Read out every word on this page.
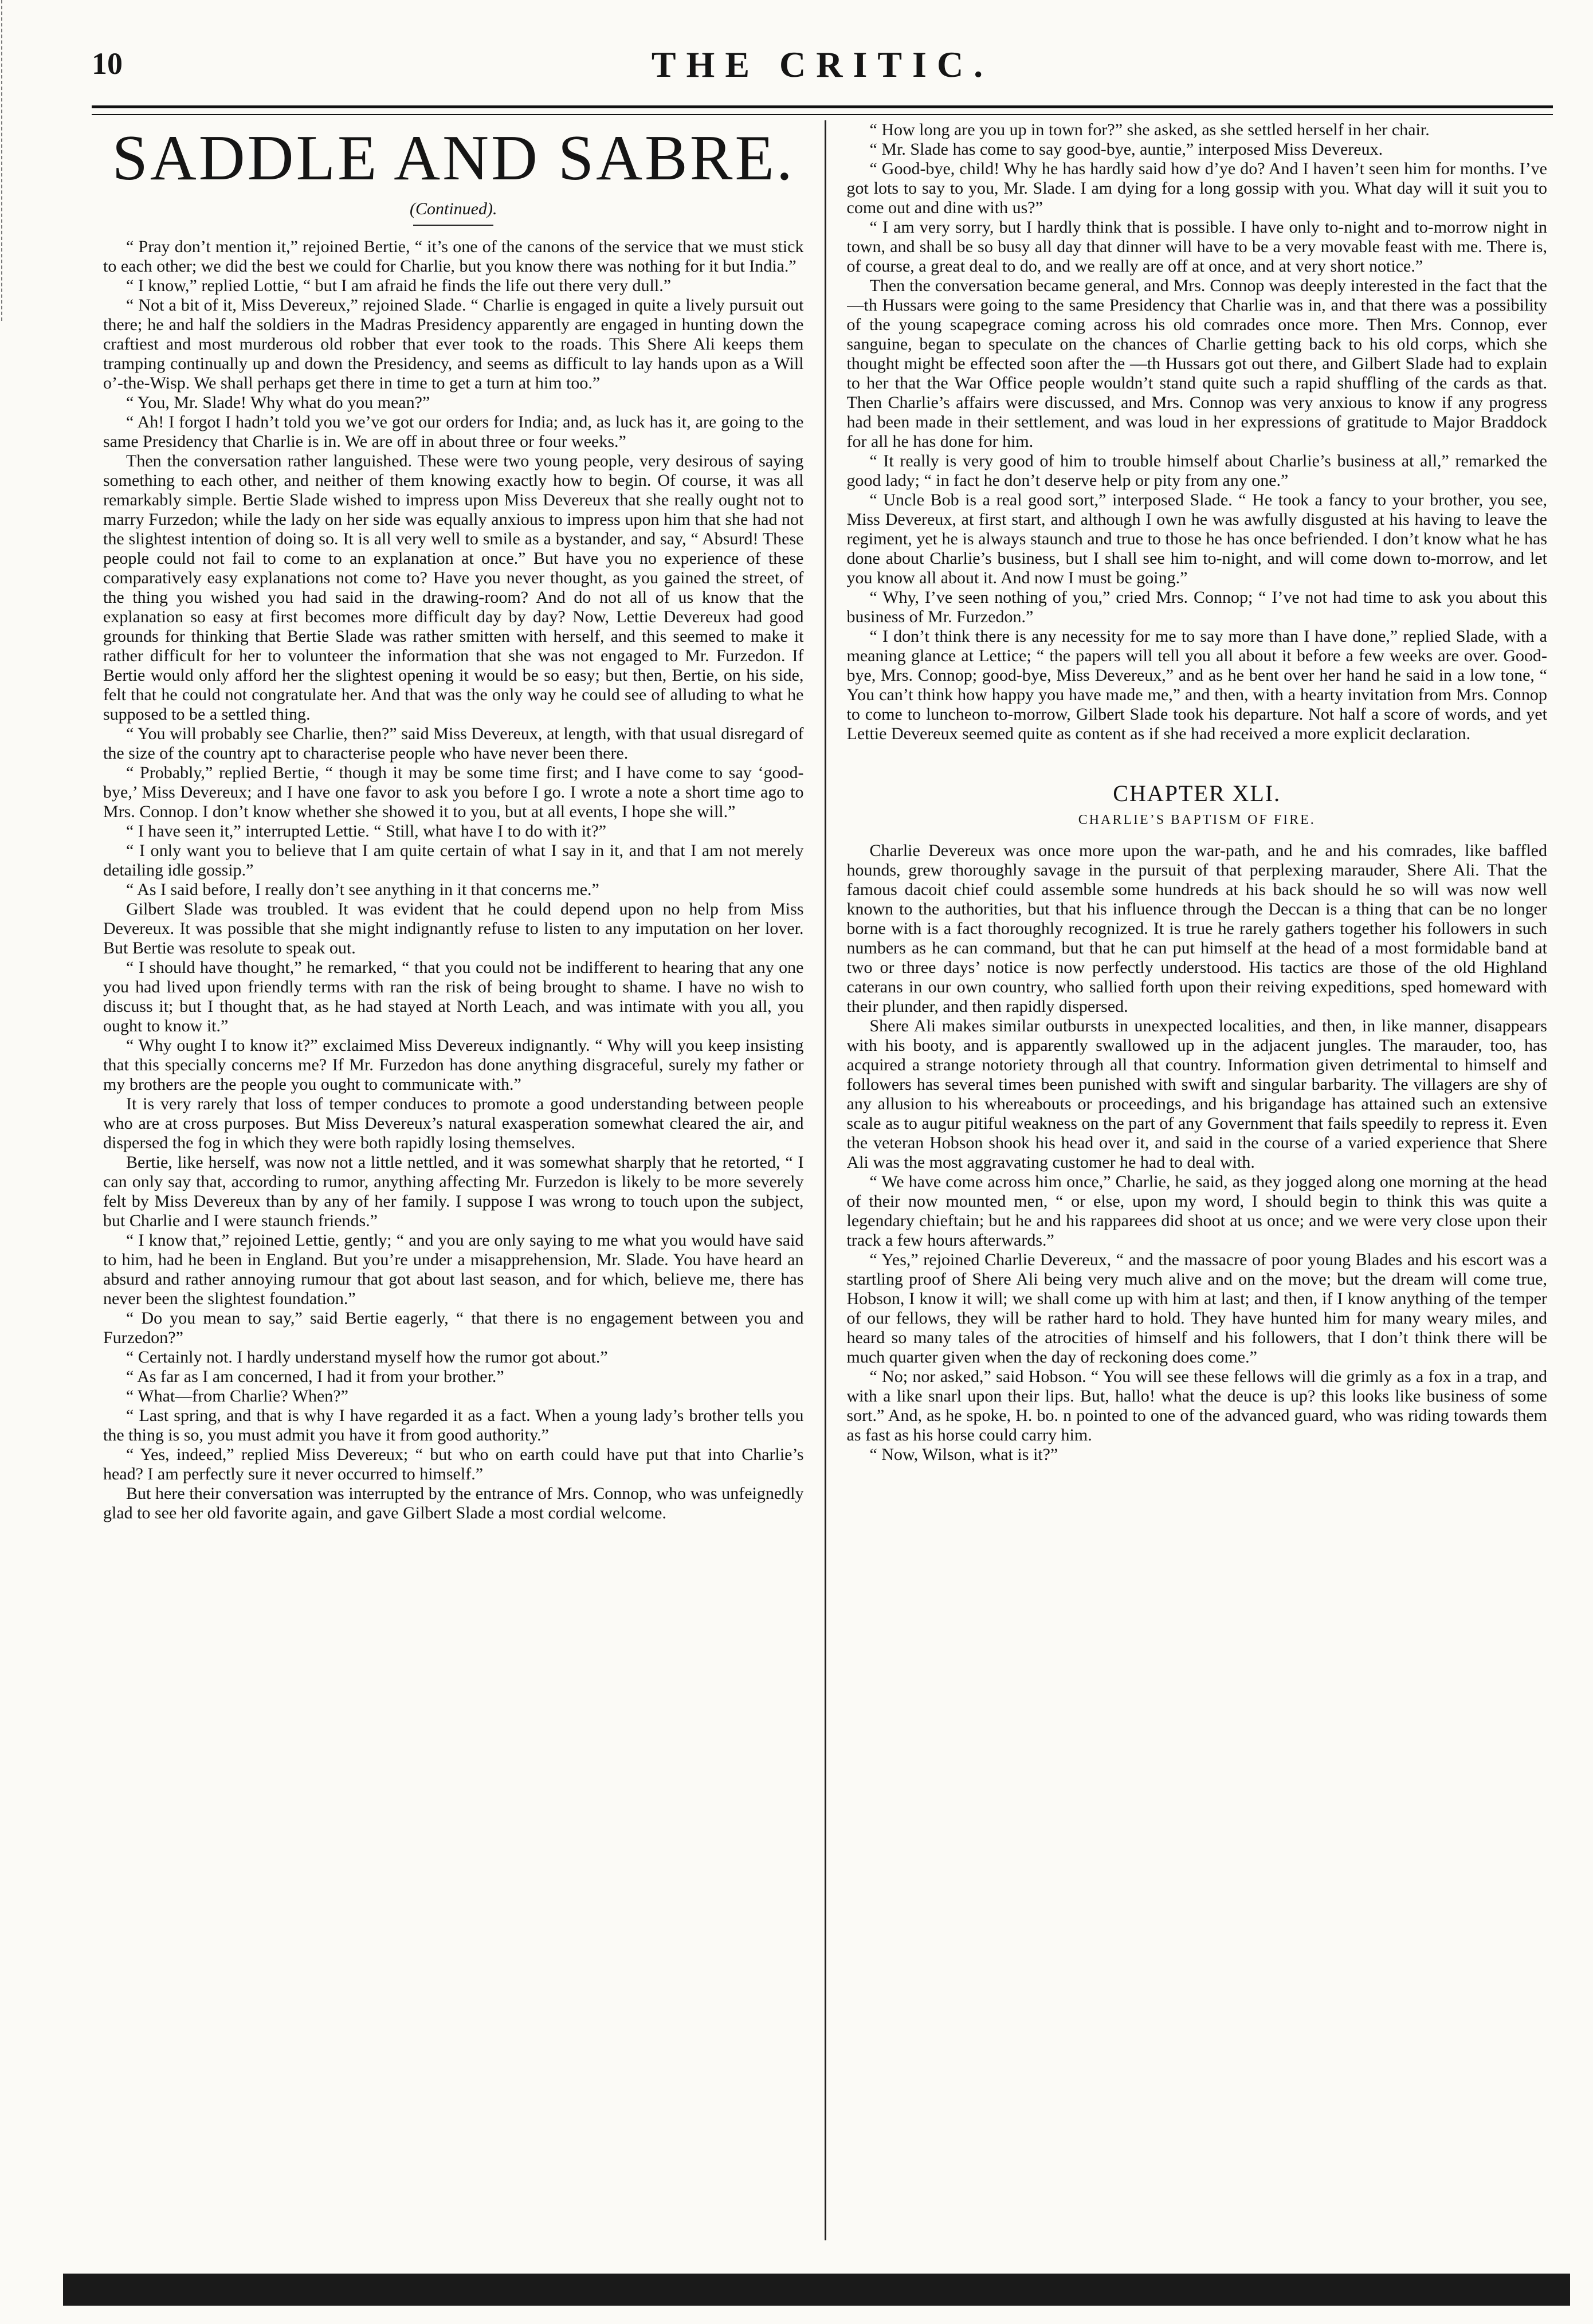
10	THE CRITIC.
SADDLE AND SABRE.
(Continued).

“ Pray don’t mention it,” rejoined Bertie, “ it’s one of the canons of the service that we must stick to each other; we did the best we could for Charlie, but you know there was nothing for it but India.”

“ I know,” replied Lottie, “ but I am afraid he finds the life out there very dull.”

“ Not a bit of it, Miss Devereux,” rejoined Slade. “ Charlie is engaged in quite a lively pursuit out there; he and half the soldiers in the Madras Presidency apparently are engaged in hunting down the craftiest and most murderous old robber that ever took to the roads. This Shere Ali keeps them tramping continually up and down the Presidency, and seems as difficult to lay hands upon as a Will o’-the-Wisp. We shall perhaps get there in time to get a turn at him too.”

“ You, Mr. Slade! Why what do you mean?”

“ Ah! I forgot I hadn’t told you we’ve got our orders for India; and, as luck has it, are going to the same Presidency that Charlie is in. We are off in about three or four weeks.”

Then the conversation rather languished. These were two young people, very desirous of saying something to each other, and neither of them knowing exactly how to begin. Of course, it was all remarkably simple. Bertie Slade wished to impress upon Miss Devereux that she really ought not to marry Furzedon; while the lady on her side was equally anxious to impress upon him that she had not the slightest intention of doing so. It is all very well to smile as a bystander, and say, “ Absurd! These people could not fail to come to an explanation at once.” But have you no experience of these comparatively easy explanations not come to? Have you never thought, as you gained the street, of the thing you wished you had said in the drawing-room? And do not all of us know that the explanation so easy at first becomes more difficult day by day? Now, Lettie Devereux had good grounds for thinking that Bertie Slade was rather smitten with herself, and this seemed to make it rather difficult for her to volunteer the information that she was not engaged to Mr. Furzedon. If Bertie would only afford her the slightest opening it would be so easy; but then, Bertie, on his side, felt that he could not congratulate her. And that was the only way he could see of alluding to what he supposed to be a settled thing.

“ You will probably see Charlie, then?” said Miss Devereux, at length, with that usual disregard of the size of the country apt to characterise people who have never been there.

“ Probably,” replied Bertie, “ though it may be some time first; and I have come to say ‘good-bye,’ Miss Devereux; and I have one favor to ask you before I go. I wrote a note a short time ago to Mrs. Connop. I don’t know whether she showed it to you, but at all events, I hope she will.”

“ I have seen it,” interrupted Lettie. “ Still, what have I to do with it?”

“ I only want you to believe that I am quite certain of what I say in it, and that I am not merely detailing idle gossip.”

“ As I said before, I really don’t see anything in it that concerns me.”

Gilbert Slade was troubled. It was evident that he could depend upon no help from Miss Devereux. It was possible that she might indignantly refuse to listen to any imputation on her lover. But Bertie was resolute to speak out.

“ I should have thought,” he remarked, “ that you could not be indifferent to hearing that any one you had lived upon friendly terms with ran the risk of being brought to shame. I have no wish to discuss it; but I thought that, as he had stayed at North Leach, and was intimate with you all, you ought to know it.”

“ Why ought I to know it?” exclaimed Miss Devereux indignantly. “ Why will you keep insisting that this specially concerns me? If Mr. Furzedon has done anything disgraceful, surely my father or my brothers are the people you ought to communicate with.”

It is very rarely that loss of temper conduces to promote a good understanding between people who are at cross purposes. But Miss Devereux’s natural exasperation somewhat cleared the air, and dispersed the fog in which they were both rapidly losing themselves.

Bertie, like herself, was now not a little nettled, and it was somewhat sharply that he retorted, “ I can only say that, according to rumor, anything affecting Mr. Furzedon is likely to be more severely felt by Miss Devereux than by any of her family. I suppose I was wrong to touch upon the subject, but Charlie and I were staunch friends.”

“ I know that,” rejoined Lettie, gently; “ and you are only saying to me what you would have said to him, had he been in England. But you’re under a misapprehension, Mr. Slade. You have heard an absurd and rather annoying rumour that got about last season, and for which, believe me, there has never been the slightest foundation.”

“ Do you mean to say,” said Bertie eagerly, “ that there is no engagement between you and Furzedon?”

“ Certainly not. I hardly understand myself how the rumor got about.”

“ As far as I am concerned, I had it from your brother.”

“ What—from Charlie? When?”

“ Last spring, and that is why I have regarded it as a fact. When a young lady’s brother tells you the thing is so, you must admit you have it from good authority.”

“ Yes, indeed,” replied Miss Devereux; “ but who on earth could have put that into Charlie’s head? I am perfectly sure it never occurred to himself.”

But here their conversation was interrupted by the entrance of Mrs. Connop, who was unfeignedly glad to see her old favorite again, and gave Gilbert Slade a most cordial welcome.

“ How long are you up in town for?” she asked, as she settled herself in her chair.

“ Mr. Slade has come to say good-bye, auntie,” interposed Miss Devereux.

“ Good-bye, child! Why he has hardly said how d’ye do? And I haven’t seen him for months. I’ve got lots to say to you, Mr. Slade. I am dying for a long gossip with you. What day will it suit you to come out and dine with us?”

“ I am very sorry, but I hardly think that is possible. I have only to-night and to-morrow night in town, and shall be so busy all day that dinner will have to be a very movable feast with me. There is, of course, a great deal to do, and we really are off at once, and at very short notice.”

Then the conversation became general, and Mrs. Connop was deeply interested in the fact that the —th Hussars were going to the same Presidency that Charlie was in, and that there was a possibility of the young scapegrace coming across his old comrades once more. Then Mrs. Connop, ever sanguine, began to speculate on the chances of Charlie getting back to his old corps, which she thought might be effected soon after the —th Hussars got out there, and Gilbert Slade had to explain to her that the War Office people wouldn’t stand quite such a rapid shuffling of the cards as that. Then Charlie’s affairs were discussed, and Mrs. Connop was very anxious to know if any progress had been made in their settlement, and was loud in her expressions of gratitude to Major Braddock for all he has done for him.

“ It really is very good of him to trouble himself about Charlie’s business at all,” remarked the good lady; “ in fact he don’t deserve help or pity from any one.”

“ Uncle Bob is a real good sort,” interposed Slade. “ He took a fancy to your brother, you see, Miss Devereux, at first start, and although I own he was awfully disgusted at his having to leave the regiment, yet he is always staunch and true to those he has once befriended. I don’t know what he has done about Charlie’s business, but I shall see him to-night, and will come down to-morrow, and let you know all about it. And now I must be going.”

“ Why, I’ve seen nothing of you,” cried Mrs. Connop; “ I’ve not had time to ask you about this business of Mr. Furzedon.”

“ I don’t think there is any necessity for me to say more than I have done,” replied Slade, with a meaning glance at Lettice; “ the papers will tell you all about it before a few weeks are over. Good-bye, Mrs. Connop; good-bye, Miss Devereux,” and as he bent over her hand he said in a low tone, “ You can’t think how happy you have made me,” and then, with a hearty invitation from Mrs. Connop to come to luncheon to-morrow, Gilbert Slade took his departure. Not half a score of words, and yet Lettie Devereux seemed quite as content as if she had received a more explicit declaration.

CHAPTER XLI.
CHARLIE’S BAPTISM OF FIRE.

Charlie Devereux was once more upon the war-path, and he and his comrades, like baffled hounds, grew thoroughly savage in the pursuit of that perplexing marauder, Shere Ali. That the famous dacoit chief could assemble some hundreds at his back should he so will was now well known to the authorities, but that his influence through the Deccan is a thing that can be no longer borne with is a fact thoroughly recognized. It is true he rarely gathers together his followers in such numbers as he can command, but that he can put himself at the head of a most formidable band at two or three days’ notice is now perfectly understood. His tactics are those of the old Highland caterans in our own country, who sallied forth upon their reiving expeditions, sped homeward with their plunder, and then rapidly dispersed.

Shere Ali makes similar outbursts in unexpected localities, and then, in like manner, disappears with his booty, and is apparently swallowed up in the adjacent jungles. The marauder, too, has acquired a strange notoriety through all that country. Information given detrimental to himself and followers has several times been punished with swift and singular barbarity. The villagers are shy of any allusion to his whereabouts or proceedings, and his brigandage has attained such an extensive scale as to augur pitiful weakness on the part of any Government that fails speedily to repress it. Even the veteran Hobson shook his head over it, and said in the course of a varied experience that Shere Ali was the most aggravating customer he had to deal with.

“ We have come across him once,” Charlie, he said, as they jogged along one morning at the head of their now mounted men, “ or else, upon my word, I should begin to think this was quite a legendary chieftain; but he and his rapparees did shoot at us once; and we were very close upon their track a few hours afterwards.”

“ Yes,” rejoined Charlie Devereux, “ and the massacre of poor young Blades and his escort was a startling proof of Shere Ali being very much alive and on the move; but the dream will come true, Hobson, I know it will; we shall come up with him at last; and then, if I know anything of the temper of our fellows, they will be rather hard to hold. They have hunted him for many weary miles, and heard so many tales of the atrocities of himself and his followers, that I don’t think there will be much quarter given when the day of reckoning does come.”

“ No; nor asked,” said Hobson. “ You will see these fellows will die grimly as a fox in a trap, and with a like snarl upon their lips. But, hallo! what the deuce is up? this looks like business of some sort.” And, as he spoke, H. bo. n pointed to one of the advanced guard, who was riding towards them as fast as his horse could carry him.

“ Now, Wilson, what is it?”
